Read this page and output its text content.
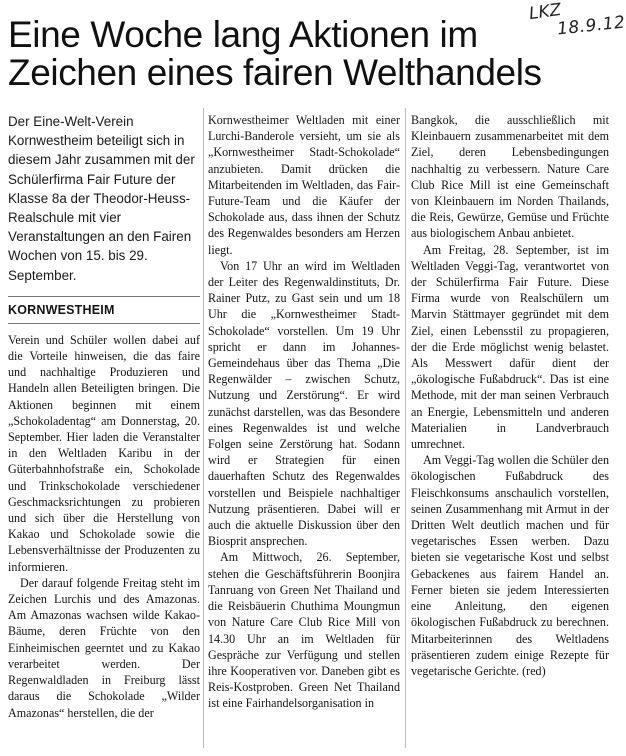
LKZ
18.9.12
Eine Woche lang Aktionen im Zeichen eines fairen Welthandels

Der Eine-Welt-Verein Kornwestheim beteiligt sich in diesem Jahr zusammen mit der Schülerfirma Fair Future der Klasse 8a der Theodor-Heuss-Realschule mit vier Veranstaltungen an den Fairen Wochen von 15. bis 29. September.

KORNWESTHEIM

Verein und Schüler wollen dabei auf die Vorteile hinweisen, die das faire und nachhaltige Produzieren und Handeln allen Beteiligten bringen. Die Aktionen beginnen mit einem „Schokoladentag“ am Donnerstag, 20. September. Hier laden die Veranstalter in den Weltladen Karibu in der Güterbahnhofstraße ein, Schokolade und Trinkschokolade verschiedener Geschmacksrichtungen zu probieren und sich über die Herstellung von Kakao und Schokolade sowie die Lebensverhältnisse der Produzenten zu informieren.

Der darauf folgende Freitag steht im Zeichen Lurchis und des Amazonas. Am Amazonas wachsen wilde Kakao-Bäume, deren Früchte von den Einheimischen geerntet und zu Kakao verarbeitet werden. Der Regenwaldladen in Freiburg lässt daraus die Schokolade „Wilder Amazonas“ herstellen, die der

Kornwestheimer Weltladen mit einer Lurchi-Banderole versieht, um sie als „Kornwestheimer Stadt-Schokolade“ anzubieten. Damit drücken die Mitarbeitenden im Weltladen, das Fair-Future-Team und die Käufer der Schokolade aus, dass ihnen der Schutz des Regenwaldes besonders am Herzen liegt.

Von 17 Uhr an wird im Weltladen der Leiter des Regenwaldinstituts, Dr. Rainer Putz, zu Gast sein und um 18 Uhr die „Kornwestheimer Stadt-Schokolade“ vorstellen. Um 19 Uhr spricht er dann im Johannes-Gemeindehaus über das Thema „Die Regenwälder – zwischen Schutz, Nutzung und Zerstörung“. Er wird zunächst darstellen, was das Besondere eines Regenwaldes ist und welche Folgen seine Zerstörung hat. Sodann wird er Strategien für einen dauerhaften Schutz des Regenwaldes vorstellen und Beispiele nachhaltiger Nutzung präsentieren. Dabei will er auch die aktuelle Diskussion über den Biosprit ansprechen.

Am Mittwoch, 26. September, stehen die Geschäftsführerin Boonjira Tanruang von Green Net Thailand und die Reisbäuerin Chuthima Moungmun von Nature Care Club Rice Mill von 14.30 Uhr an im Weltladen für Gespräche zur Verfügung und stellen ihre Kooperativen vor. Daneben gibt es Reis-Kostproben. Green Net Thailand ist eine Fairhandelsorganisation in

Bangkok, die ausschließlich mit Kleinbauern zusammenarbeitet mit dem Ziel, deren Lebensbedingungen nachhaltig zu verbessern. Nature Care Club Rice Mill ist eine Gemeinschaft von Kleinbauern im Norden Thailands, die Reis, Gewürze, Gemüse und Früchte aus biologischem Anbau anbietet.

Am Freitag, 28. September, ist im Weltladen Veggi-Tag, verantwortet von der Schülerfirma Fair Future. Diese Firma wurde von Realschülern um Marvin Stättmayer gegründet mit dem Ziel, einen Lebensstil zu propagieren, der die Erde möglichst wenig belastet. Als Messwert dafür dient der „ökologische Fußabdruck“. Das ist eine Methode, mit der man seinen Verbrauch an Energie, Lebensmitteln und anderen Materialien in Landverbrauch umrechnet.

Am Veggi-Tag wollen die Schüler den ökologischen Fußabdruck des Fleischkonsums anschaulich vorstellen, seinen Zusammenhang mit Armut in der Dritten Welt deutlich machen und für vegetarisches Essen werben. Dazu bieten sie vegetarische Kost und selbst Gebackenes aus fairem Handel an. Ferner bieten sie jedem Interessierten eine Anleitung, den eigenen ökologischen Fußabdruck zu berechnen. Mitarbeiterinnen des Weltladens präsentieren zudem einige Rezepte für vegetarische Gerichte. (red)
